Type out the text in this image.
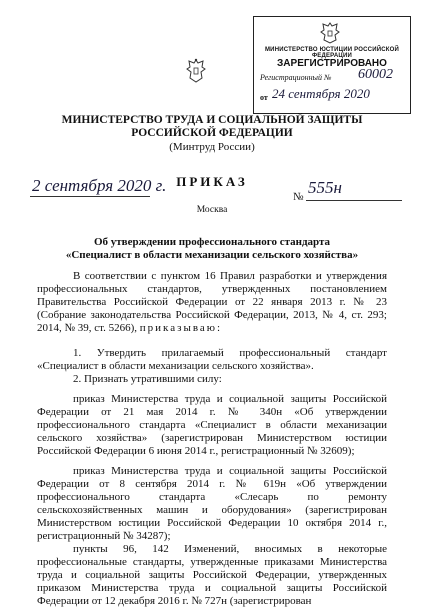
МИНИСТЕРСТВО ЮСТИЦИИ РОССИЙСКОЙ ФЕДЕРАЦИИ
ЗАРЕГИСТРИРОВАНО
Регистрационный № 60002
от 24 сентября 2020
МИНИСТЕРСТВО ТРУДА И СОЦИАЛЬНОЙ ЗАЩИТЫ
РОССИЙСКОЙ ФЕДЕРАЦИИ
(Минтруд России)
2 сентября 2020 г. ПРИКАЗ
№ 555н
Москва
Об утверждении профессионального стандарта
«Специалист в области механизации сельского хозяйства»

В соответствии с пунктом 16 Правил разработки и утверждения профессиональных стандартов, утвержденных постановлением Правительства Российской Федерации от 22 января 2013 г. № 23 (Собрание законодательства Российской Федерации, 2013, № 4, ст. 293; 2014, № 39, ст. 5266), приказываю:

1. Утвердить прилагаемый профессиональный стандарт «Специалист в области механизации сельского хозяйства».

2. Признать утратившими силу:

приказ Министерства труда и социальной защиты Российской Федерации от 21 мая 2014 г. № 340н «Об утверждении профессионального стандарта «Специалист в области механизации сельского хозяйства» (зарегистрирован Министерством юстиции Российской Федерации 6 июня 2014 г., регистрационный № 32609);

приказ Министерства труда и социальной защиты Российской Федерации от 8 сентября 2014 г. № 619н «Об утверждении профессионального стандарта «Слесарь по ремонту сельскохозяйственных машин и оборудования» (зарегистрирован Министерством юстиции Российской Федерации 10 октября 2014 г., регистрационный № 34287);

пункты 96, 142 Изменений, вносимых в некоторые профессиональные стандарты, утвержденные приказами Министерства труда и социальной защиты Российской Федерации, утвержденных приказом Министерства труда и социальной защиты Российской Федерации от 12 декабря 2016 г. № 727н (зарегистрирован
